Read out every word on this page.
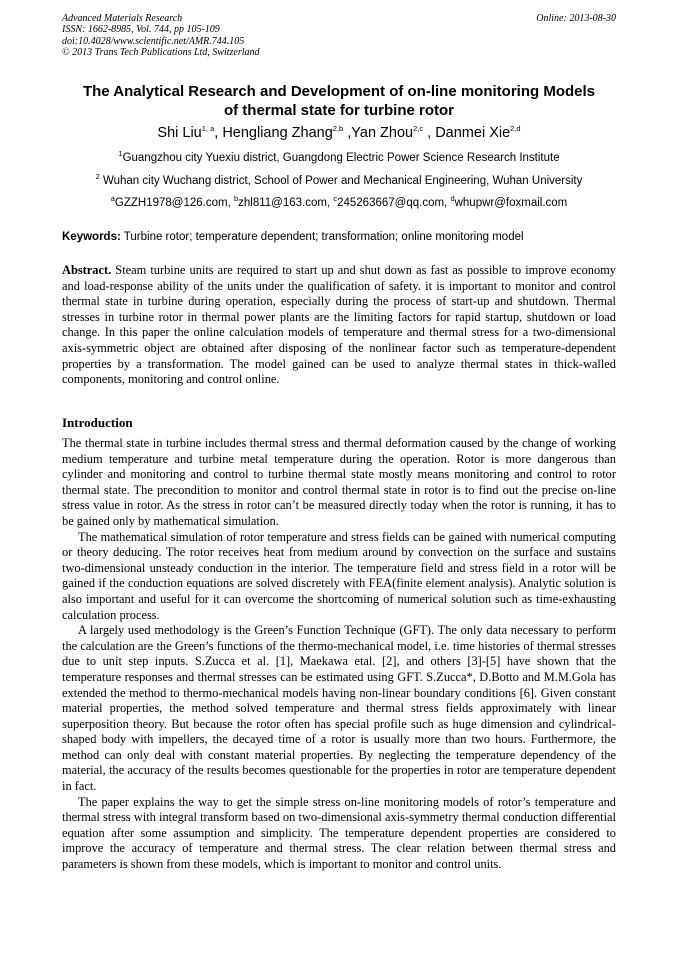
Advanced Materials Research
ISSN: 1662-8985, Vol. 744, pp 105-109
doi:10.4028/www.scientific.net/AMR.744.105
© 2013 Trans Tech Publications Ltd, Switzerland
Online: 2013-08-30
The Analytical Research and Development of on-line monitoring Models
of thermal state for turbine rotor
Shi Liu$^{1, a}$, Hengliang Zhang$^{2,b}$ ,Yan Zhou$^{2,c}$ , Danmei Xie$^{2,d}$
$^1$Guangzhou city Yuexiu district, Guangdong Electric Power Science Research Institute
$^2$ Wuhan city Wuchang district, School of Power and Mechanical Engineering, Wuhan University
$^a$GZZH1978@126.com, $^b$zhl811@163.com, $^c$245263667@qq.com, $^d$whupwr@foxmail.com
Keywords: Turbine rotor; temperature dependent; transformation; online monitoring model

Abstract. Steam turbine units are required to start up and shut down as fast as possible to improve economy and load-response ability of the units under the qualification of safety. it is important to monitor and control thermal state in turbine during operation, especially during the process of start-up and shutdown. Thermal stresses in turbine rotor in thermal power plants are the limiting factors for rapid startup, shutdown or load change. In this paper the online calculation models of temperature and thermal stress for a two-dimensional axis-symmetric object are obtained after disposing of the nonlinear factor such as temperature-dependent properties by a transformation. The model gained can be used to analyze thermal states in thick-walled components, monitoring and control online.

Introduction

The thermal state in turbine includes thermal stress and thermal deformation caused by the change of working medium temperature and turbine metal temperature during the operation. Rotor is more dangerous than cylinder and monitoring and control to turbine thermal state mostly means monitoring and control to rotor thermal state. The precondition to monitor and control thermal state in rotor is to find out the precise on-line stress value in rotor. As the stress in rotor can’t be measured directly today when the rotor is running, it has to be gained only by mathematical simulation.

The mathematical simulation of rotor temperature and stress fields can be gained with numerical computing or theory deducing. The rotor receives heat from medium around by convection on the surface and sustains two-dimensional unsteady conduction in the interior. The temperature field and stress field in a rotor will be gained if the conduction equations are solved discretely with FEA(finite element analysis). Analytic solution is also important and useful for it can overcome the shortcoming of numerical solution such as time-exhausting calculation process.

A largely used methodology is the Green’s Function Technique (GFT). The only data necessary to perform the calculation are the Green’s functions of the thermo-mechanical model, i.e. time histories of thermal stresses due to unit step inputs. S.Zucca et al. [1], Maekawa etal. [2], and others [3]-[5] have shown that the temperature responses and thermal stresses can be estimated using GFT. S.Zucca*, D.Botto and M.M.Gola has extended the method to thermo-mechanical models having non-linear boundary conditions [6]. Given constant material properties, the method solved temperature and thermal stress fields approximately with linear superposition theory. But because the rotor often has special profile such as huge dimension and cylindrical-shaped body with impellers, the decayed time of a rotor is usually more than two hours. Furthermore, the method can only deal with constant material properties. By neglecting the temperature dependency of the material, the accuracy of the results becomes questionable for the properties in rotor are temperature dependent in fact.

The paper explains the way to get the simple stress on-line monitoring models of rotor’s temperature and thermal stress with integral transform based on two-dimensional axis-symmetry thermal conduction differential equation after some assumption and simplicity. The temperature dependent properties are considered to improve the accuracy of temperature and thermal stress. The clear relation between thermal stress and parameters is shown from these models, which is important to monitor and control units.
